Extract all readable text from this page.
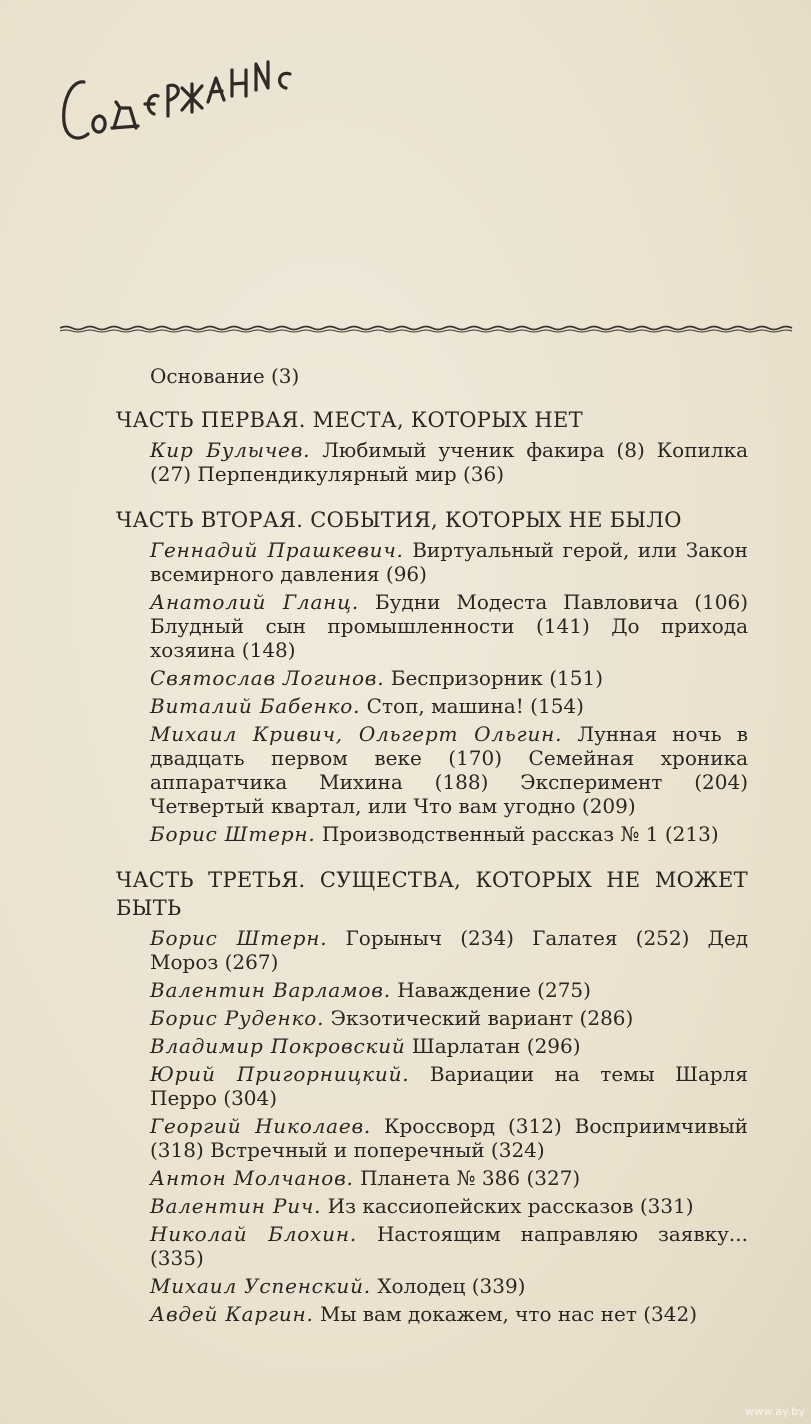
Основание (3)
ЧАСТЬ ПЕРВАЯ. МЕСТА, КОТОРЫХ НЕТ
Кир Булычев. Любимый ученик факира (8) Копилка (27) Перпендикулярный мир (36)
ЧАСТЬ ВТОРАЯ. СОБЫТИЯ, КОТОРЫХ НЕ БЫЛО
Геннадий Прашкевич. Виртуальный герой, или Закон всемирного давления (96)
Анатолий Гланц. Будни Модеста Павловича (106) Блудный сын промышленности (141) До прихода хозяина (148)
Святослав Логинов. Беспризорник (151)
Виталий Бабенко. Стоп, машина! (154)
Михаил Кривич, Ольгерт Ольгин. Лунная ночь в двадцать первом веке (170) Семейная хроника аппаратчика Михина (188) Эксперимент (204) Четвертый квартал, или Что вам угодно (209)
Борис Штерн. Производственный рассказ № 1 (213)
ЧАСТЬ ТРЕТЬЯ. СУЩЕСТВА, КОТОРЫХ НЕ МОЖЕТ БЫТЬ
Борис Штерн. Горыныч (234) Галатея (252) Дед Мороз (267)
Валентин Варламов. Наваждение (275)
Борис Руденко. Экзотический вариант (286)
Владимир Покровский Шарлатан (296)
Юрий Пригорницкий. Вариации на темы Шарля Перро (304)
Георгий Николаев. Кроссворд (312) Восприимчивый (318) Встречный и поперечный (324)
Антон Молчанов. Планета № 386 (327)
Валентин Рич. Из кассиопейских рассказов (331)
Николай Блохин. Настоящим направляю заявку... (335)
Михаил Успенский. Холодец (339)
Авдей Каргин. Мы вам докажем, что нас нет (342)
www.ay.by
